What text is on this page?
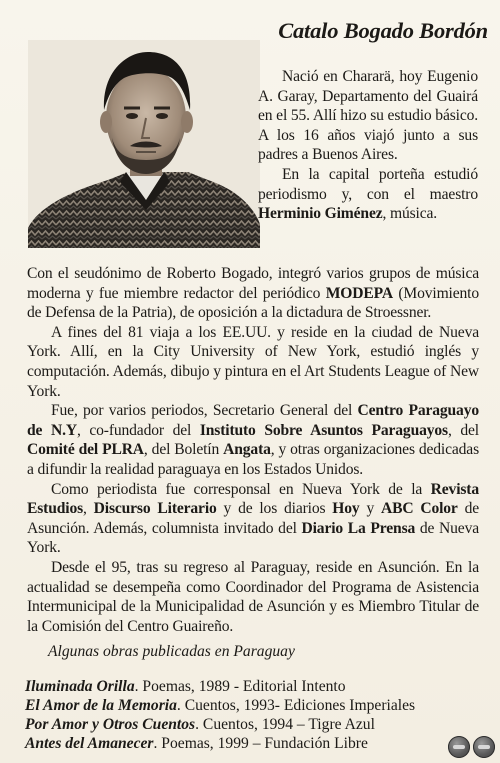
Catalo Bogado Bordón

Nació en Chararä, hoy Eugenio A. Garay, Departamento del Guairá en el 55. Allí hizo su estudio básico. A los 16 años viajó junto a sus padres a Buenos Aires.

En la capital porteña estudió periodismo y, con el maestro Herminio Giménez, música.

Con el seudónimo de Roberto Bogado, integró varios grupos de música moderna y fue miembre redactor del periódico MODEPA (Movimiento de Defensa de la Patria), de oposición a la dictadura de Stroessner.

A fines del 81 viaja a los EE.UU. y reside en la ciudad de Nueva York. Allí, en la City University of New York, estudió inglés y computación. Además, dibujo y pintura en el Art Students League of New York.

Fue, por varios periodos, Secretario General del Centro Paraguayo de N.Y, co-fundador del Instituto Sobre Asuntos Paraguayos, del Comité del PLRA, del Boletín Angata, y otras organizaciones dedicadas a difundir la realidad paraguaya en los Estados Unidos.

Como periodista fue corresponsal en Nueva York de la Revista Estudios, Discurso Literario y de los diarios Hoy y ABC Color de Asunción. Además, columnista invitado del Diario La Prensa de Nueva York.

Desde el 95, tras su regreso al Paraguay, reside en Asunción. En la actualidad se desempeña como Coordinador del Programa de Asistencia Intermunicipal de la Municipalidad de Asunción y es Miembro Titular de la Comisión del Centro Guaireño.

Algunas obras publicadas en Paraguay
Iluminada Orilla. Poemas, 1989 - Editorial Intento
El Amor de la Memoria. Cuentos, 1993- Ediciones Imperiales
Por Amor y Otros Cuentos. Cuentos, 1994 – Tigre Azul
Antes del Amanecer. Poemas, 1999 – Fundación Libre
